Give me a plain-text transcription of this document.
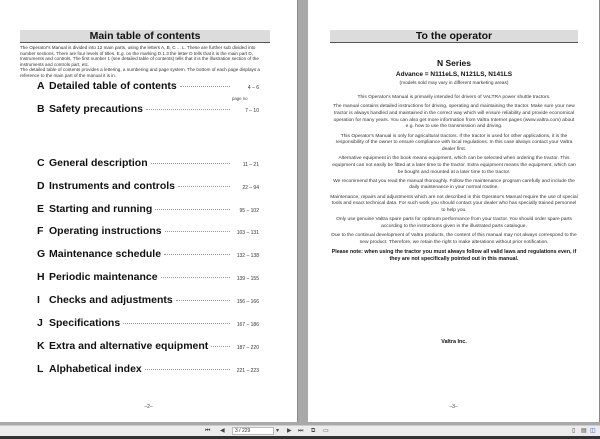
Main table of contents
The Operator's Manual is divided into 12 main parts, using the letters A, B, C ... L. These are further sub divided into number sections. There are four levels of titles. E.g. on the marking D.1.3 the letter D tells that it is the main part D, Instruments and controls. The first number 1 (see detailed table of contents) tells that it is the illustration section of the instruments and controls part, etc.
The detailed table of contents provides a lettering, a numbering and page system. The bottom of each page displays a reference to the main part of the manual it is in.
page no
A Detailed table of contents	4 – 6
B Safety precautions	7 – 10
C General description	11 – 21
D Instruments and controls	22 – 94
E Starting and running	95 – 102
F Operating instructions	103 – 131
G Maintenance schedule	132 – 138
H Periodic maintenance	139 – 155
I Checks and adjustments	156 – 166
J Specifications	167 – 186
K Extra and alternative equipment	187 – 220
L Alphabetical index	221 – 223
–2–
To the operator
N Series
Advance = N111eLS, N121LS, N141LS
(models sold may vary in different marketing areas)

This Operator's Manual is primarily intended for drivers of VALTRA power shuttle tractors.

The manual contains detailed instructions for driving, operating and maintaining the tractor. Make sure your new tractor is always handled and maintained in the correct way which will ensure reliability and provide economical operation for many years. You can also get more information from Valtra Internet pages (www.valtra.com) about e.g. how to use the transmission and driving.

This Operator's Manual is only for agricultural tractors. If the tractor is used for other applications, it is the responsibility of the owner to ensure compliance with local regulations. In this case always contact your Valtra dealer first.

Alternative equipment in the book means equipment, which can be selected when ordering the tractor. This equipment can not easily be fitted at a later time to the tractor. Extra equipment means the equipment, which can be bought and mounted at a later time to the tractor.

We recommend that you read the manual thoroughly. Follow the maintenance program carefully and include the daily maintenance in your normal routine.

Maintenance, repairs and adjustments which are not described in this Operator's Manual require the use of special tools and exact technical data. For such work you should contact your dealer who has specially trained personnel to help you.

Only use genuine Valtra spare parts for optimum performance from your tractor. You should order spare parts according to the instructions given in the illustrated parts catalogue.

Due to the continual development of Valtra products, the content of this manual may not always correspond to the new product. Therefore, we retain the right to make alterations without prior notification.

Please note: when using the tractor you must always follow all valid laws and regulations even, if they are not specifically pointed out in this manual.

Valtra Inc.
–3–
⏮ ◀	3 / 229	▾ ▶ ⏭ ⧉ ▭	▯ ▤ ◫
